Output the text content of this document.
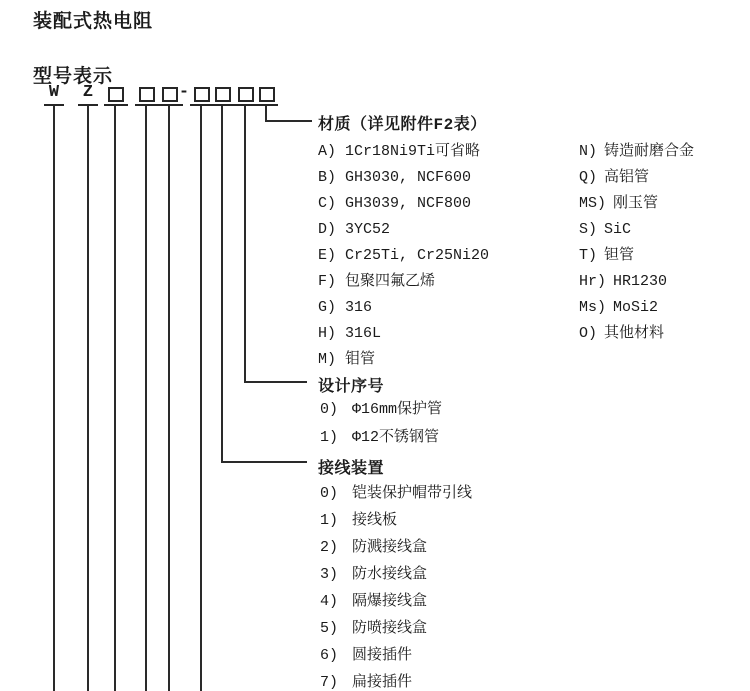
装配式热电阻
型号表示
W Z	-
材质（详见附件F2表）
A) 1Cr18Ni9Ti可省略
B) GH3030, NCF600
C) GH3039, NCF800
D) 3YC52
E) Cr25Ti, Cr25Ni20
F) 包聚四氟乙烯
G) 316
H) 316L
M) 钼管
N) 铸造耐磨合金
Q) 高铝管
MS) 刚玉管
S) SiC
T) 钽管
Hr) HR1230
Ms) MoSi2
O) 其他材料
设计序号
0) Φ16mm保护管
1) Φ12不锈钢管
接线装置
0) 铠装保护帽带引线
1) 接线板
2) 防溅接线盒
3) 防水接线盒
4) 隔爆接线盒
5) 防喷接线盒
6) 圆接插件
7) 扁接插件
